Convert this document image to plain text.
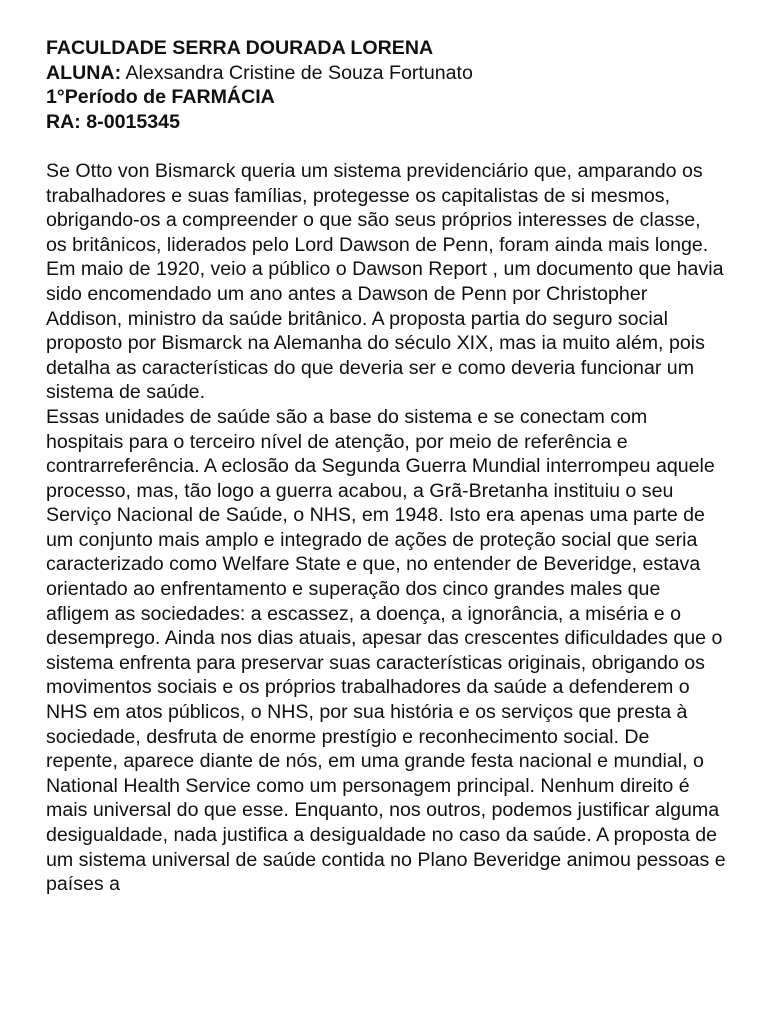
FACULDADE SERRA DOURADA LORENA
ALUNA: Alexsandra Cristine de Souza Fortunato
1°Período de FARMÁCIA
RA: 8-0015345

Se Otto von Bismarck queria um sistema previdenciário que, amparando os trabalhadores e suas famílias, protegesse os capitalistas de si mesmos, obrigando-os a compreender o que são seus próprios interesses de classe, os britânicos, liderados pelo Lord Dawson de Penn, foram ainda mais longe. Em maio de 1920, veio a público o Dawson Report , um documento que havia sido encomendado um ano antes a Dawson de Penn por Christopher Addison, ministro da saúde britânico. A proposta partia do seguro social proposto por Bismarck na Alemanha do século XIX, mas ia muito além, pois detalha as características do que deveria ser e como deveria funcionar um sistema de saúde.
Essas unidades de saúde são a base do sistema e se conectam com hospitais para o terceiro nível de atenção, por meio de referência e contrarreferência. A eclosão da Segunda Guerra Mundial interrompeu aquele processo, mas, tão logo a guerra acabou, a Grã-Bretanha instituiu o seu Serviço Nacional de Saúde, o NHS, em 1948. Isto era apenas uma parte de um conjunto mais amplo e integrado de ações de proteção social que seria caracterizado como Welfare State e que, no entender de Beveridge, estava orientado ao enfrentamento e superação dos cinco grandes males que afligem as sociedades: a escassez, a doença, a ignorância, a miséria e o desemprego. Ainda nos dias atuais, apesar das crescentes dificuldades que o sistema enfrenta para preservar suas características originais, obrigando os movimentos sociais e os próprios trabalhadores da saúde a defenderem o NHS em atos públicos, o NHS, por sua história e os serviços que presta à sociedade, desfruta de enorme prestígio e reconhecimento social. De repente, aparece diante de nós, em uma grande festa nacional e mundial, o National Health Service como um personagem principal. Nenhum direito é mais universal do que esse. Enquanto, nos outros, podemos justificar alguma desigualdade, nada justifica a desigualdade no caso da saúde. A proposta de um sistema universal de saúde contida no Plano Beveridge animou pessoas e países a
